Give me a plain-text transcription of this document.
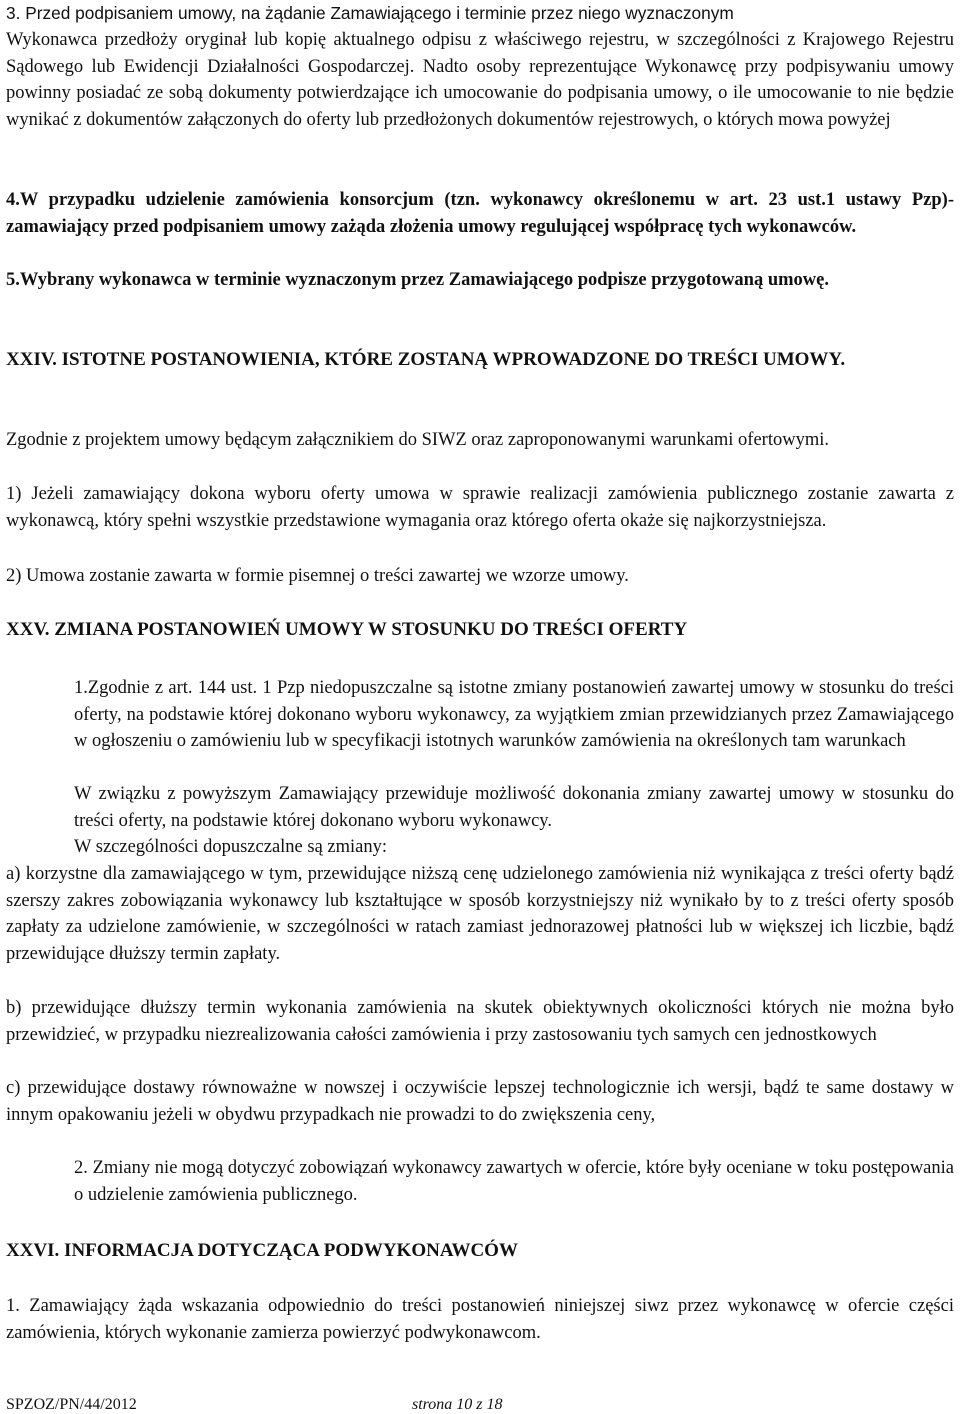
3. Przed podpisaniem umowy, na żądanie Zamawiającego i terminie przez niego wyznaczonym

Wykonawca przedłoży oryginał lub kopię aktualnego odpisu z właściwego rejestru, w szczególności z Krajowego Rejestru Sądowego lub Ewidencji Działalności Gospodarczej. Nadto osoby reprezentujące Wykonawcę przy podpisywaniu umowy powinny posiadać ze sobą dokumenty potwierdzające ich umocowanie do podpisania umowy, o ile umocowanie to nie będzie wynikać z dokumentów załączonych do oferty lub przedłożonych dokumentów rejestrowych, o których mowa powyżej

4.W przypadku udzielenie zamówienia konsorcjum (tzn. wykonawcy określonemu w art. 23 ust.1 ustawy Pzp)- zamawiający przed podpisaniem umowy zażąda złożenia umowy regulującej współpracę tych wykonawców.

5.Wybrany wykonawca w terminie wyznaczonym przez Zamawiającego podpisze przygotowaną umowę.

XXIV. ISTOTNE POSTANOWIENIA, KTÓRE ZOSTANĄ WPROWADZONE DO TREŚCI UMOWY.

Zgodnie z projektem umowy będącym załącznikiem do SIWZ oraz zaproponowanymi warunkami ofertowymi.

1) Jeżeli zamawiający dokona wyboru oferty umowa w sprawie realizacji zamówienia publicznego zostanie zawarta z wykonawcą, który spełni wszystkie przedstawione wymagania oraz którego oferta okaże się najkorzystniejsza.

2) Umowa zostanie zawarta w formie pisemnej o treści zawartej we wzorze umowy.

XXV. ZMIANA POSTANOWIEŃ UMOWY W STOSUNKU DO TREŚCI OFERTY

1.Zgodnie z art. 144 ust. 1 Pzp niedopuszczalne są istotne zmiany postanowień zawartej umowy w stosunku do treści oferty, na podstawie której dokonano wyboru wykonawcy, za wyjątkiem zmian przewidzianych przez Zamawiającego w ogłoszeniu o zamówieniu lub w specyfikacji istotnych warunków zamówienia na określonych tam warunkach

W związku z powyższym Zamawiający przewiduje możliwość dokonania zmiany zawartej umowy w stosunku do treści oferty, na podstawie której dokonano wyboru wykonawcy.

W szczególności dopuszczalne są zmiany:

a) korzystne dla zamawiającego w tym, przewidujące niższą cenę udzielonego zamówienia niż wynikająca z treści oferty bądź szerszy zakres zobowiązania wykonawcy lub kształtujące w sposób korzystniejszy niż wynikało by to z treści oferty sposób zapłaty za udzielone zamówienie, w szczególności w ratach zamiast jednorazowej płatności lub w większej ich liczbie, bądź przewidujące dłuższy termin zapłaty.

b) przewidujące dłuższy termin wykonania zamówienia na skutek obiektywnych okoliczności których nie można było przewidzieć, w przypadku niezrealizowania całości zamówienia i przy zastosowaniu tych samych cen jednostkowych

c) przewidujące dostawy równoważne w nowszej i oczywiście lepszej technologicznie ich wersji, bądź te same dostawy w innym opakowaniu jeżeli w obydwu przypadkach nie prowadzi to do zwiększenia ceny,

2. Zmiany nie mogą dotyczyć zobowiązań wykonawcy zawartych w ofercie, które były oceniane w toku postępowania o udzielenie zamówienia publicznego.

XXVI. INFORMACJA DOTYCZĄCA PODWYKONAWCÓW

1. Zamawiający żąda wskazania odpowiednio do treści postanowień niniejszej siwz przez wykonawcę w ofercie części zamówienia, których wykonanie zamierza powierzyć podwykonawcom.

SPZOZ/PN/44/2012	strona 10 z 18
